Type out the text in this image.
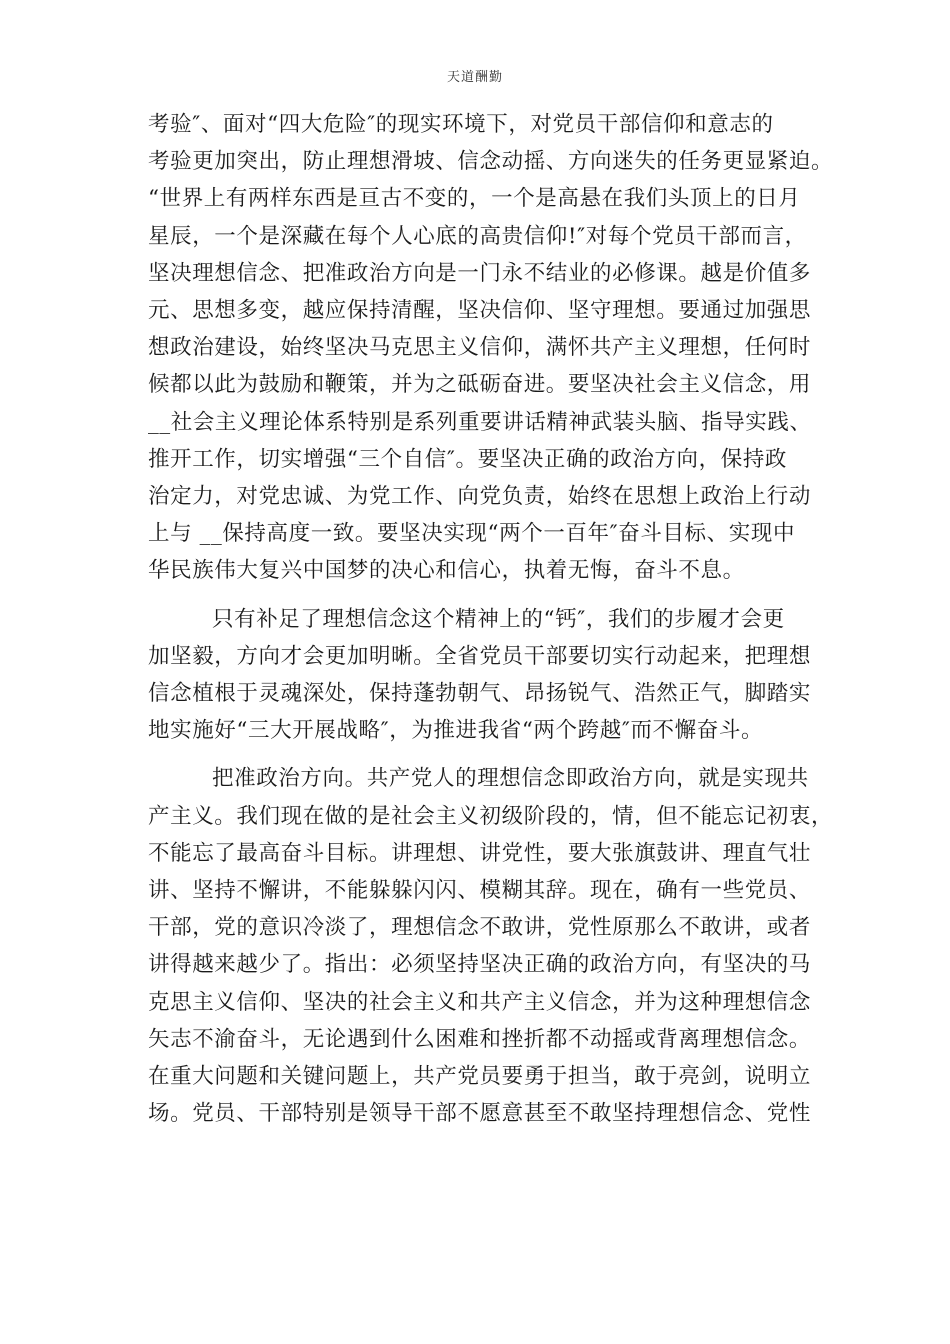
天道酬勤

考验″、面对“四大危险″的现实环境下，对党员干部信仰和意志的
考验更加突出，防止理想滑坡、信念动摇、方向迷失的任务更显紧迫。
“世界上有两样东西是亘古不变的，一个是高悬在我们头顶上的日月
星辰，一个是深藏在每个人心底的高贵信仰!″对每个党员干部而言，
坚决理想信念、把准政治方向是一门永不结业的必修课。越是价值多
元、思想多变，越应保持清醒，坚决信仰、坚守理想。要通过加强思
想政治建设，始终坚决马克思主义信仰，满怀共产主义理想，任何时
候都以此为鼓励和鞭策，并为之砥砺奋进。要坚决社会主义信念，用
__社会主义理论体系特别是系列重要讲话精神武装头脑、指导实践、
推开工作，切实增强“三个自信″。要坚决正确的政治方向，保持政
治定力，对党忠诚、为党工作、向党负责，始终在思想上政治上行动
上与 __保持高度一致。要坚决实现“两个一百年″奋斗目标、实现中
华民族伟大复兴中国梦的决心和信心，执着无悔，奋斗不息。

只有补足了理想信念这个精神上的“钙″，我们的步履才会更
加坚毅，方向才会更加明晰。全省党员干部要切实行动起来，把理想
信念植根于灵魂深处，保持蓬勃朝气、昂扬锐气、浩然正气，脚踏实
地实施好“三大开展战略″，为推进我省“两个跨越″而不懈奋斗。

把准政治方向。共产党人的理想信念即政治方向，就是实现共
产主义。我们现在做的是社会主义初级阶段的，情，但不能忘记初衷，
不能忘了最高奋斗目标。讲理想、讲党性，要大张旗鼓讲、理直气壮
讲、坚持不懈讲，不能躲躲闪闪、模糊其辞。现在，确有一些党员、
干部，党的意识冷淡了，理想信念不敢讲，党性原那么不敢讲，或者
讲得越来越少了。指出：必须坚持坚决正确的政治方向，有坚决的马
克思主义信仰、坚决的社会主义和共产主义信念，并为这种理想信念
矢志不渝奋斗，无论遇到什么困难和挫折都不动摇或背离理想信念。
在重大问题和关键问题上，共产党员要勇于担当，敢于亮剑，说明立
场。党员、干部特别是领导干部不愿意甚至不敢坚持理想信念、党性
